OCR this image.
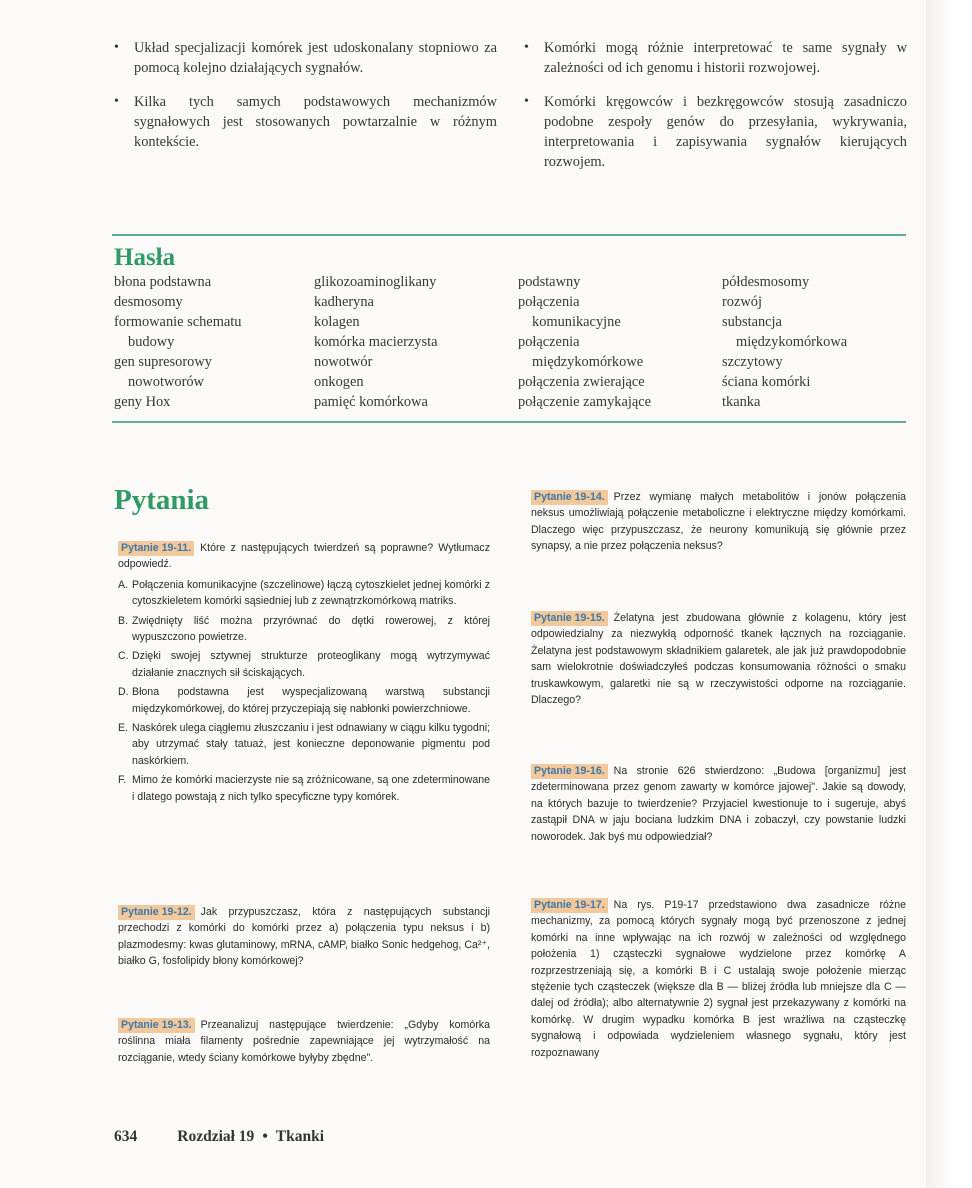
• Układ specjalizacji komórek jest udoskonalany stopniowo za pomocą kolejno działających sygnałów.
• Kilka tych samych podstawowych mechanizmów sygnałowych jest stosowanych powtarzalnie w różnym kontekście.
• Komórki mogą różnie interpretować te same sygnały w zależności od ich genomu i historii rozwojowej.
• Komórki kręgowców i bezkręgowców stosują zasadniczo podobne zespoły genów do przesyłania, wykrywania, interpretowania i zapisywania sygnałów kierujących rozwojem.
Hasła
błona podstawna
desmosomy
formowanie schematu
budowy
gen supresorowy
nowotworów
geny Hox
glikozoaminoglikany
kadheryna
kolagen
komórka macierzysta
nowotwór
onkogen
pamięć komórkowa
podstawny
połączenia
komunikacyjne
połączenia
międzykomórkowe
połączenia zwierające
połączenie zamykające
półdesmosomy
rozwój
substancja
międzykomórkowa
szczytowy
ściana komórki
tkanka
Pytania
Pytanie 19-11. Które z następujących twierdzeń są poprawne? Wytłumacz odpowiedź.
A. Połączenia komunikacyjne (szczelinowe) łączą cytoszkielet jednej komórki z cytoszkieletem komórki sąsiedniej lub z zewnątrzkomórkową matriks.
B. Zwiędnięty liść można przyrównać do dętki rowerowej, z której wypuszczono powietrze.
C. Dzięki swojej sztywnej strukturze proteoglikany mogą wytrzymywać działanie znacznych sił ściskających.
D. Błona podstawna jest wyspecjalizowaną warstwą substancji międzykomórkowej, do której przyczepiają się nabłonki powierzchniowe.
E. Naskórek ulega ciągłemu złuszczaniu i jest odnawiany w ciągu kilku tygodni; aby utrzymać stały tatuaż, jest konieczne deponowanie pigmentu pod naskórkiem.
F. Mimo że komórki macierzyste nie są zróżnicowane, są one zdeterminowane i dlatego powstają z nich tylko specyficzne typy komórek.
Pytanie 19-12. Jak przypuszczasz, która z następujących substancji przechodzi z komórki do komórki przez a) połączenia typu neksus i b) plazmodesmy: kwas glutaminowy, mRNA, cAMP, białko Sonic hedgehog, Ca²⁺, białko G, fosfolipidy błony komórkowej?
Pytanie 19-13. Przeanalizuj następujące twierdzenie: „Gdyby komórka roślinna miała filamenty pośrednie zapewniające jej wytrzymałość na rozciąganie, wtedy ściany komórkowe byłyby zbędne".
Pytanie 19-14. Przez wymianę małych metabolitów i jonów połączenia neksus umożliwiają połączenie metaboliczne i elektryczne między komórkami. Dlaczego więc przypuszczasz, że neurony komunikują się głównie przez synapsy, a nie przez połączenia neksus?
Pytanie 19-15. Żelatyna jest zbudowana głównie z kolagenu, który jest odpowiedzialny za niezwykłą odporność tkanek łącznych na rozciąganie. Żelatyna jest podstawowym składnikiem galaretek, ale jak już prawdopodobnie sam wielokrotnie doświadczyłeś podczas konsumowania różności o smaku truskawkowym, galaretki nie są w rzeczywistości odporne na rozciąganie. Dlaczego?
Pytanie 19-16. Na stronie 626 stwierdzono: „Budowa [organizmu] jest zdeterminowana przez genom zawarty w komórce jajowej". Jakie są dowody, na których bazuje to twierdzenie? Przyjaciel kwestionuje to i sugeruje, abyś zastąpił DNA w jaju bociana ludzkim DNA i zobaczył, czy powstanie ludzki noworodek. Jak byś mu odpowiedział?
Pytanie 19-17. Na rys. P19-17 przedstawiono dwa zasadnicze różne mechanizmy, za pomocą których sygnały mogą być przenoszone z jednej komórki na inne wpływając na ich rozwój w zależności od względnego położenia 1) cząsteczki sygnałowe wydzielone przez komórkę A rozprzestrzeniają się, a komórki B i C ustalają swoje położenie mierząc stężenie tych cząsteczek (większe dla B — bliżej źródła lub mniejsze dla C — dalej od źródła); albo alternatywnie 2) sygnał jest przekazywany z komórki na komórkę. W drugim wypadku komórka B jest wrażliwa na cząsteczkę sygnałową i odpowiada wydzieleniem własnego sygnału, który jest rozpoznawany
634	Rozdział 19 • Tkanki
